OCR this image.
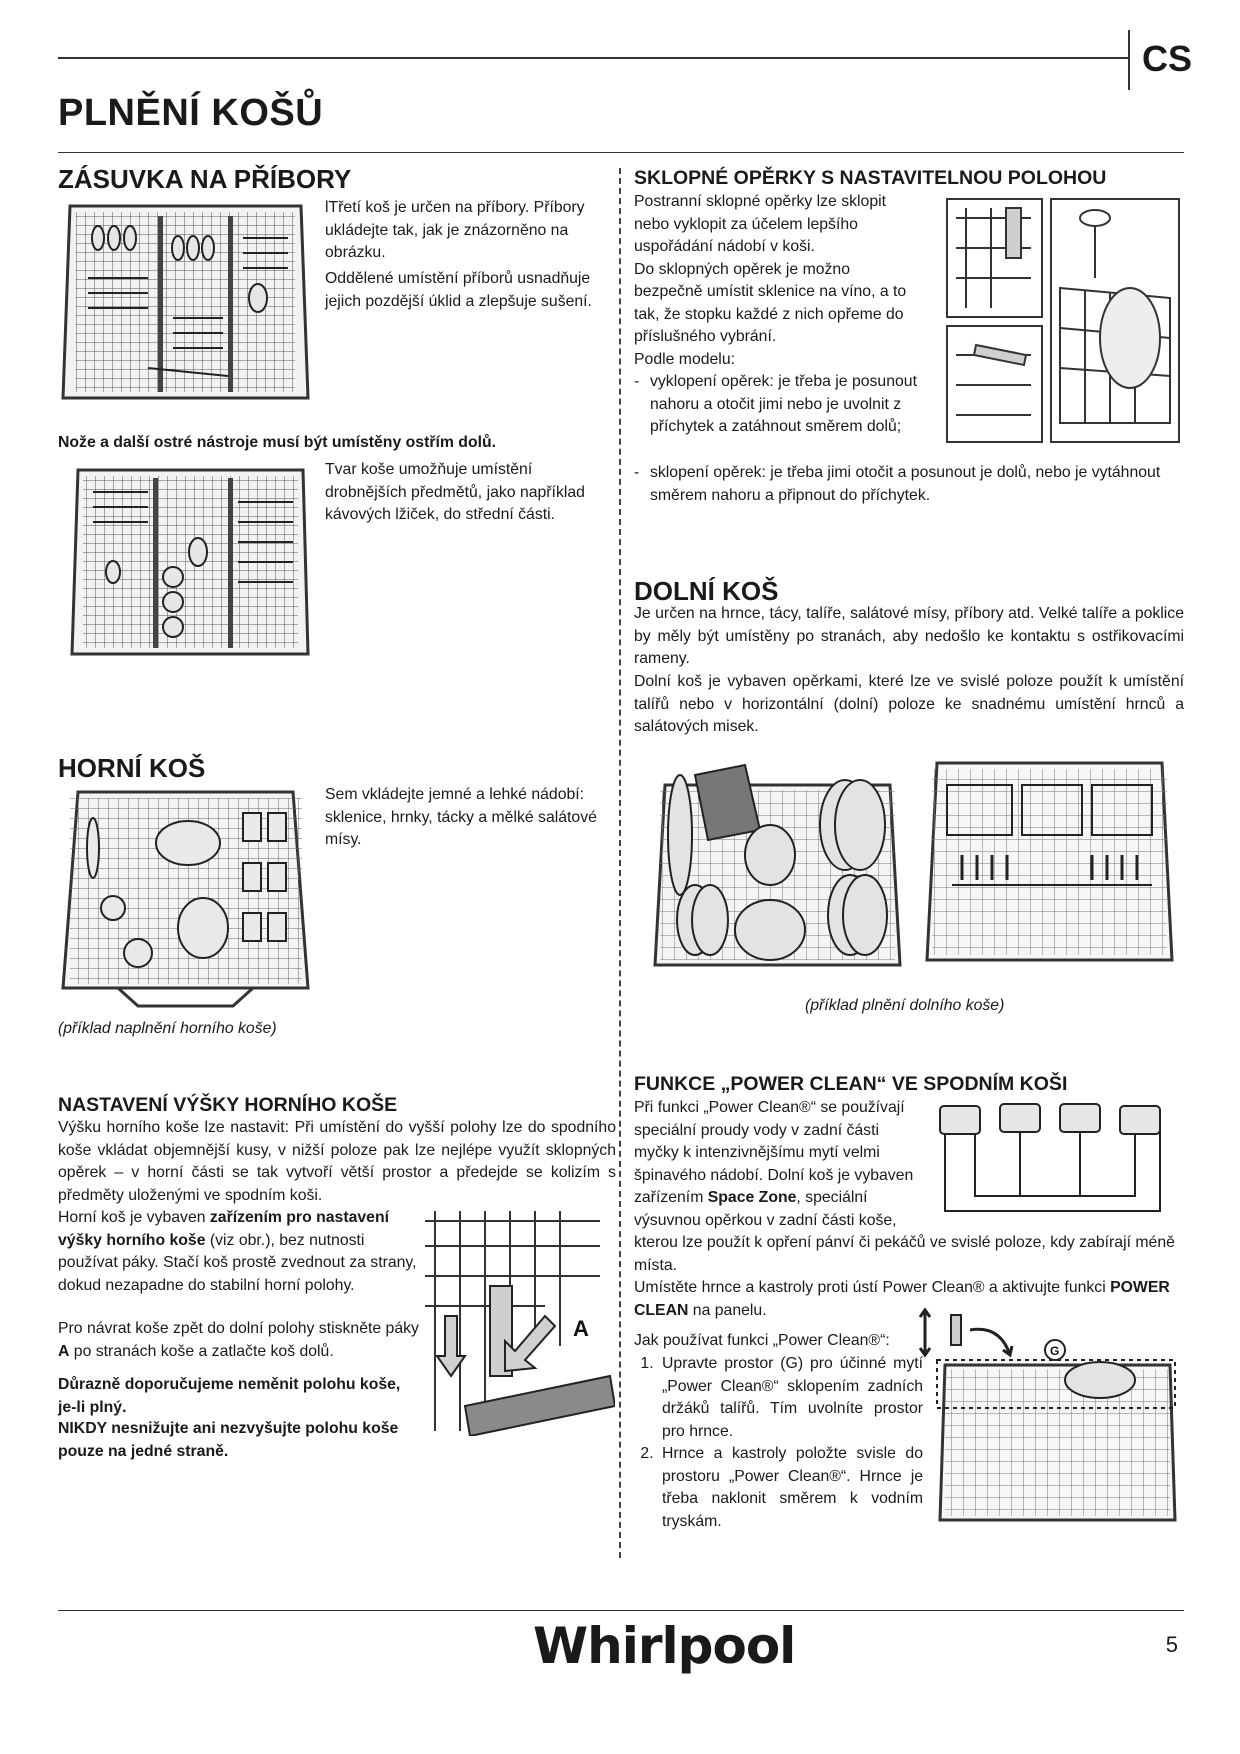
CS
PLNĚNÍ KOŠŮ
ZÁSUVKA NA PŘÍBORY

lTřetí koš je určen na příbory. Příbory ukládejte tak, jak je znázorněno na obrázku.

Oddělené umístění příborů usnadňuje jejich pozdější úklid a zlepšuje sušení.

Nože a další ostré nástroje musí být umístěny ostřím dolů.

Tvar koše umožňuje umístění drobnějších předmětů, jako například kávových lžiček, do střední části.

HORNÍ KOŠ

Sem vkládejte jemné a lehké nádobí: sklenice, hrnky, tácky a mělké salátové mísy.

(příklad naplnění horního koše)
NASTAVENÍ VÝŠKY HORNÍHO KOŠE

Výšku horního koše lze nastavit: Při umístění do vyšší polohy lze do spodního koše vkládat objemnější kusy, v nižší poloze pak lze nejlépe využít sklopných opěrek – v horní části se tak vytvoří větší prostor a předejde se kolizím s předměty uloženými ve spodním koši.

Horní koš je vybaven zařízením pro nastavení výšky horního koše (viz obr.), bez nutnosti používat páky. Stačí koš prostě zvednout za strany, dokud nezapadne do stabilní horní polohy.

Pro návrat koše zpět do dolní polohy stiskněte páky A po stranách koše a zatlačte koš dolů.

Důrazně doporučujeme neměnit polohu koše, je-li plný.

NIKDY nesnižujte ani nezvyšujte polohu koše pouze na jedné straně.

A
SKLOPNÉ OPĚRKY S NASTAVITELNOU POLOHOU

Postranní sklopné opěrky lze sklopit nebo vyklopit za účelem lepšího uspořádání nádobí v koši.

Do sklopných opěrek je možno bezpečně umístit sklenice na víno, a to tak, že stopku každé z nich opřeme do příslušného vybrání.

Podle modelu:

- vyklopení opěrek: je třeba je posunout nahoru a otočit jimi nebo je uvolnit z příchytek a zatáhnout směrem dolů;
- sklopení opěrek: je třeba jimi otočit a posunout je dolů, nebo je vytáhnout směrem nahoru a připnout do příchytek.
DOLNÍ KOŠ

Je určen na hrnce, tácy, talíře, salátové mísy, příbory atd. Velké talíře a poklice by měly být umístěny po stranách, aby nedošlo ke kontaktu s ostřikovacími rameny.

Dolní koš je vybaven opěrkami, které lze ve svislé poloze použít k umístění talířů nebo v horizontální (dolní) poloze ke snadnému umístění hrnců a salátových misek.

(příklad plnění dolního koše)
FUNKCE „POWER CLEAN“ VE SPODNÍM KOŠI

Při funkci „Power Clean®“ se používají speciální proudy vody v zadní části myčky k intenzivnějšímu mytí velmi špinavého nádobí. Dolní koš je vybaven zařízením Space Zone, speciální výsuvnou opěrkou v zadní části koše,

kterou lze použít k opření pánví či pekáčů ve svislé poloze, kdy zabírají méně místa.

Umístěte hrnce a kastroly proti ústí Power Clean® a aktivujte funkci POWER CLEAN na panelu.

Jak používat funkci „Power Clean®“:
1. Upravte prostor (G) pro účinné mytí „Power Clean®“ sklopením zadních držáků talířů. Tím uvolníte prostor pro hrnce.
2. Hrnce a kastroly položte svisle do prostoru „Power Clean®“. Hrnce je třeba naklonit směrem k vodním tryskám.
G
Whirlpool	5
